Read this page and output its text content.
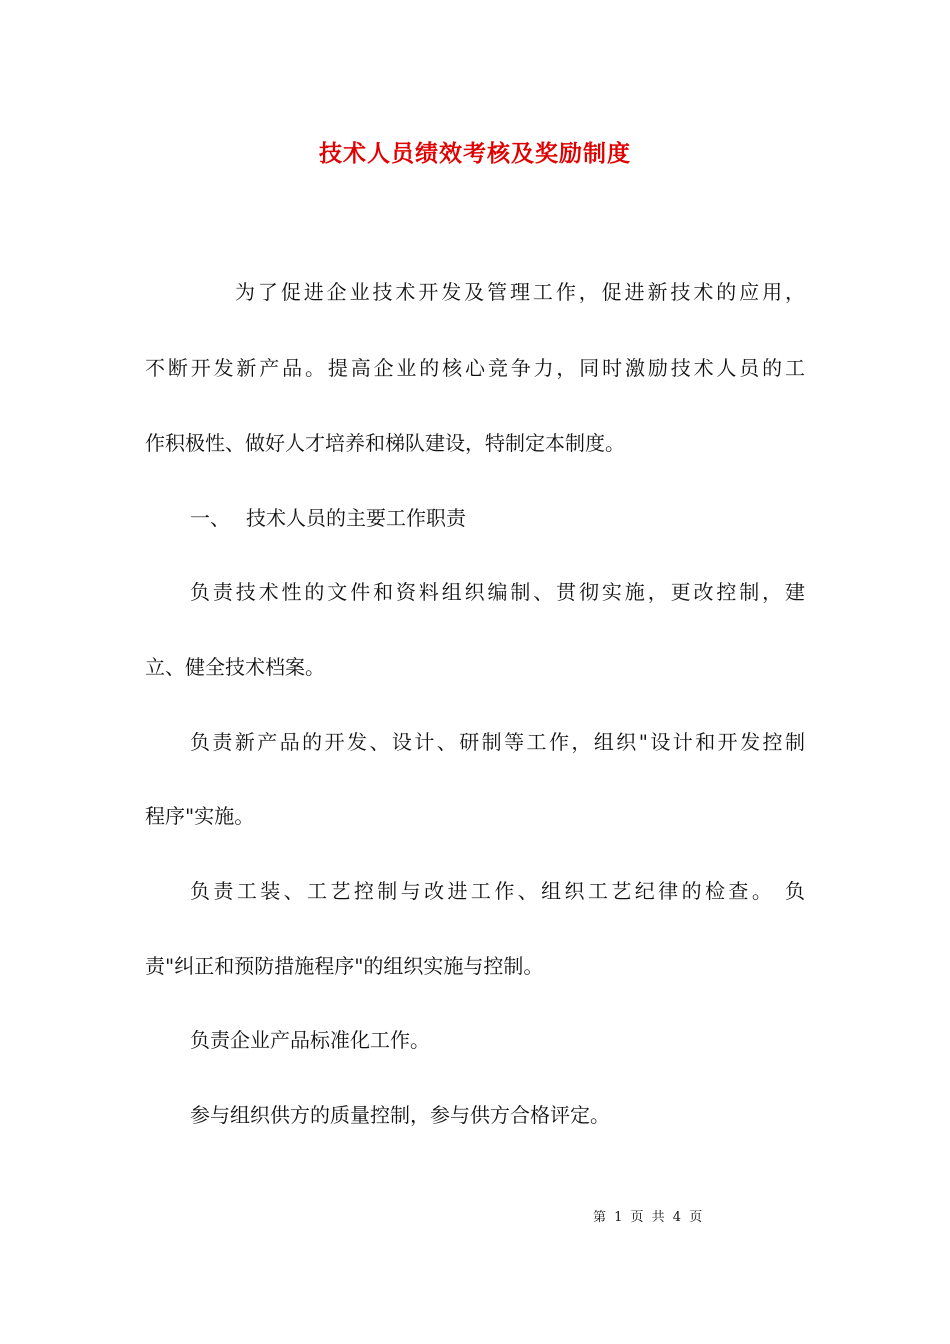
技术人员绩效考核及奖励制度
为了促进企业技术开发及管理工作，促进新技术的应用，
不断开发新产品。提高企业的核心竞争力，同时激励技术人员的工
作积极性、做好人才培养和梯队建设，特制定本制度。
一、 技术人员的主要工作职责
负责技术性的文件和资料组织编制、贯彻实施，更改控制，建
立、健全技术档案。
负责新产品的开发、设计、研制等工作，组织"设计和开发控制
程序"实施。
负责工装、工艺控制与改进工作、组织工艺纪律的检查。 负
责"纠正和预防措施程序"的组织实施与控制。
负责企业产品标准化工作。
参与组织供方的质量控制，参与供方合格评定。
第 1 页 共 4 页
